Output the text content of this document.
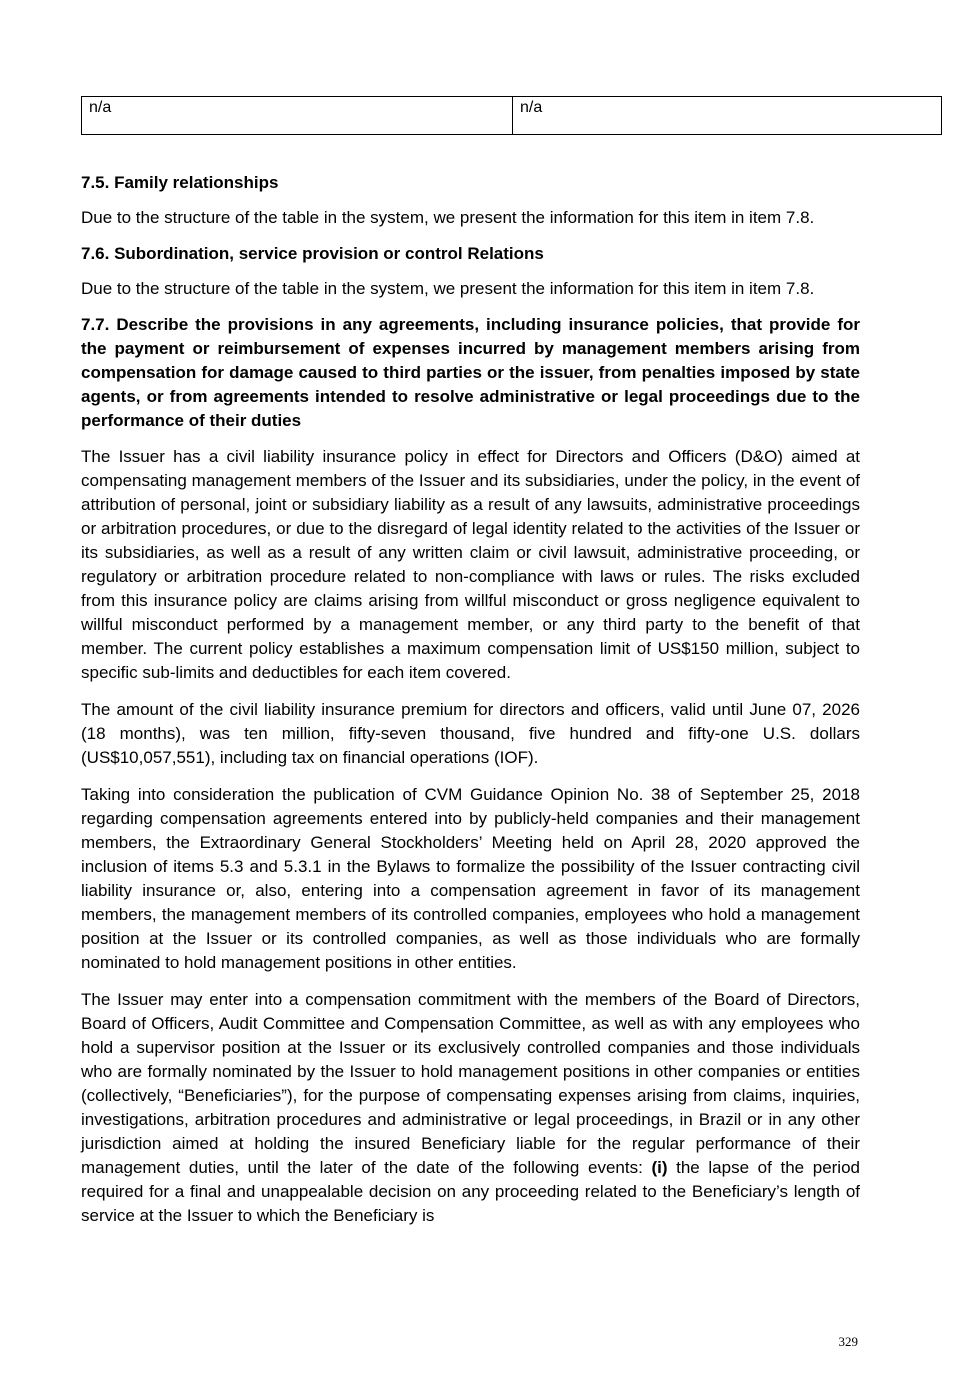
n/a	n/a
7.5. Family relationships

Due to the structure of the table in the system, we present the information for this item in item 7.8.

7.6. Subordination, service provision or control Relations

Due to the structure of the table in the system, we present the information for this item in item 7.8.

7.7. Describe the provisions in any agreements, including insurance policies, that provide for the payment or reimbursement of expenses incurred by management members arising from compensation for damage caused to third parties or the issuer, from penalties imposed by state agents, or from agreements intended to resolve administrative or legal proceedings due to the performance of their duties

The Issuer has a civil liability insurance policy in effect for Directors and Officers (D&O) aimed at compensating management members of the Issuer and its subsidiaries, under the policy, in the event of attribution of personal, joint or subsidiary liability as a result of any lawsuits, administrative proceedings or arbitration procedures, or due to the disregard of legal identity related to the activities of the Issuer or its subsidiaries, as well as a result of any written claim or civil lawsuit, administrative proceeding, or regulatory or arbitration procedure related to non-compliance with laws or rules. The risks excluded from this insurance policy are claims arising from willful misconduct or gross negligence equivalent to willful misconduct performed by a management member, or any third party to the benefit of that member. The current policy establishes a maximum compensation limit of US$150 million, subject to specific sub-limits and deductibles for each item covered.

The amount of the civil liability insurance premium for directors and officers, valid until June 07, 2026 (18 months), was ten million, fifty-seven thousand, five hundred and fifty-one U.S. dollars (US$10,057,551), including tax on financial operations (IOF).

Taking into consideration the publication of CVM Guidance Opinion No. 38 of September 25, 2018 regarding compensation agreements entered into by publicly-held companies and their management members, the Extraordinary General Stockholders’ Meeting held on April 28, 2020 approved the inclusion of items 5.3 and 5.3.1 in the Bylaws to formalize the possibility of the Issuer contracting civil liability insurance or, also, entering into a compensation agreement in favor of its management members, the management members of its controlled companies, employees who hold a management position at the Issuer or its controlled companies, as well as those individuals who are formally nominated to hold management positions in other entities.

The Issuer may enter into a compensation commitment with the members of the Board of Directors, Board of Officers, Audit Committee and Compensation Committee, as well as with any employees who hold a supervisor position at the Issuer or its exclusively controlled companies and those individuals who are formally nominated by the Issuer to hold management positions in other companies or entities (collectively, “Beneficiaries”), for the purpose of compensating expenses arising from claims, inquiries, investigations, arbitration procedures and administrative or legal proceedings, in Brazil or in any other jurisdiction aimed at holding the insured Beneficiary liable for the regular performance of their management duties, until the later of the date of the following events: (i) the lapse of the period required for a final and unappealable decision on any proceeding related to the Beneficiary’s length of service at the Issuer to which the Beneficiary is

329
